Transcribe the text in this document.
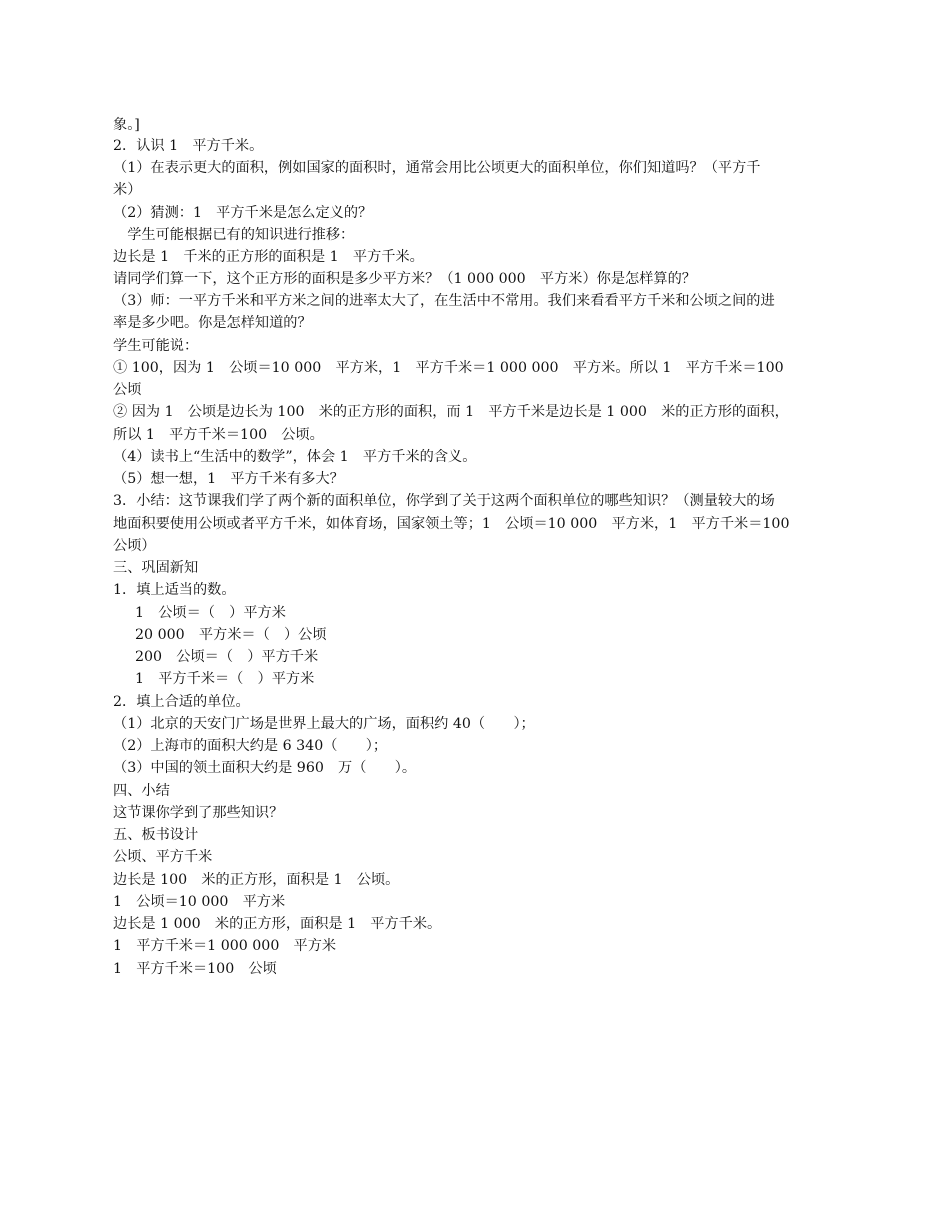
象。]
2．认识 1　平方千米。
（1）在表示更大的面积，例如国家的面积时，通常会用比公顷更大的面积单位，你们知道吗？（平方千
米）
（2）猜测：1　平方千米是怎么定义的？
　学生可能根据已有的知识进行推移：
边长是 1　千米的正方形的面积是 1　平方千米。
请同学们算一下，这个正方形的面积是多少平方米？（1 000 000　平方米）你是怎样算的？
（3）师：一平方千米和平方米之间的进率太大了，在生活中不常用。我们来看看平方千米和公顷之间的进
率是多少吧。你是怎样知道的？
学生可能说：
① 100，因为 1　公顷＝10 000　平方米，1　平方千米＝1 000 000　平方米。所以 1　平方千米＝100
公顷
② 因为 1　公顷是边长为 100　米的正方形的面积，而 1　平方千米是边长是 1 000　米的正方形的面积，
所以 1　平方千米＝100　公顷。
（4）读书上“生活中的数学”，体会 1　平方千米的含义。
（5）想一想，1　平方千米有多大？
3．小结：这节课我们学了两个新的面积单位，你学到了关于这两个面积单位的哪些知识？（测量较大的场
地面积要使用公顷或者平方千米，如体育场，国家领土等；1　公顷＝10 000　平方米，1　平方千米＝100
公顷）
三、巩固新知
1．填上适当的数。
1　公顷＝（　）平方米
20 000　平方米＝（　）公顷
200　公顷＝（　）平方千米
1　平方千米＝（　）平方米
2．填上合适的单位。
（1）北京的天安门广场是世界上最大的广场，面积约 40（　　）；
（2）上海市的面积大约是 6 340（　　）；
（3）中国的领土面积大约是 960　万（　　）。
四、小结
这节课你学到了那些知识？
五、板书设计
公顷、平方千米
边长是 100　米的正方形，面积是 1　公顷。
1　公顷＝10 000　平方米
边长是 1 000　米的正方形，面积是 1　平方千米。
1　平方千米＝1 000 000　平方米
1　平方千米＝100　公顷
